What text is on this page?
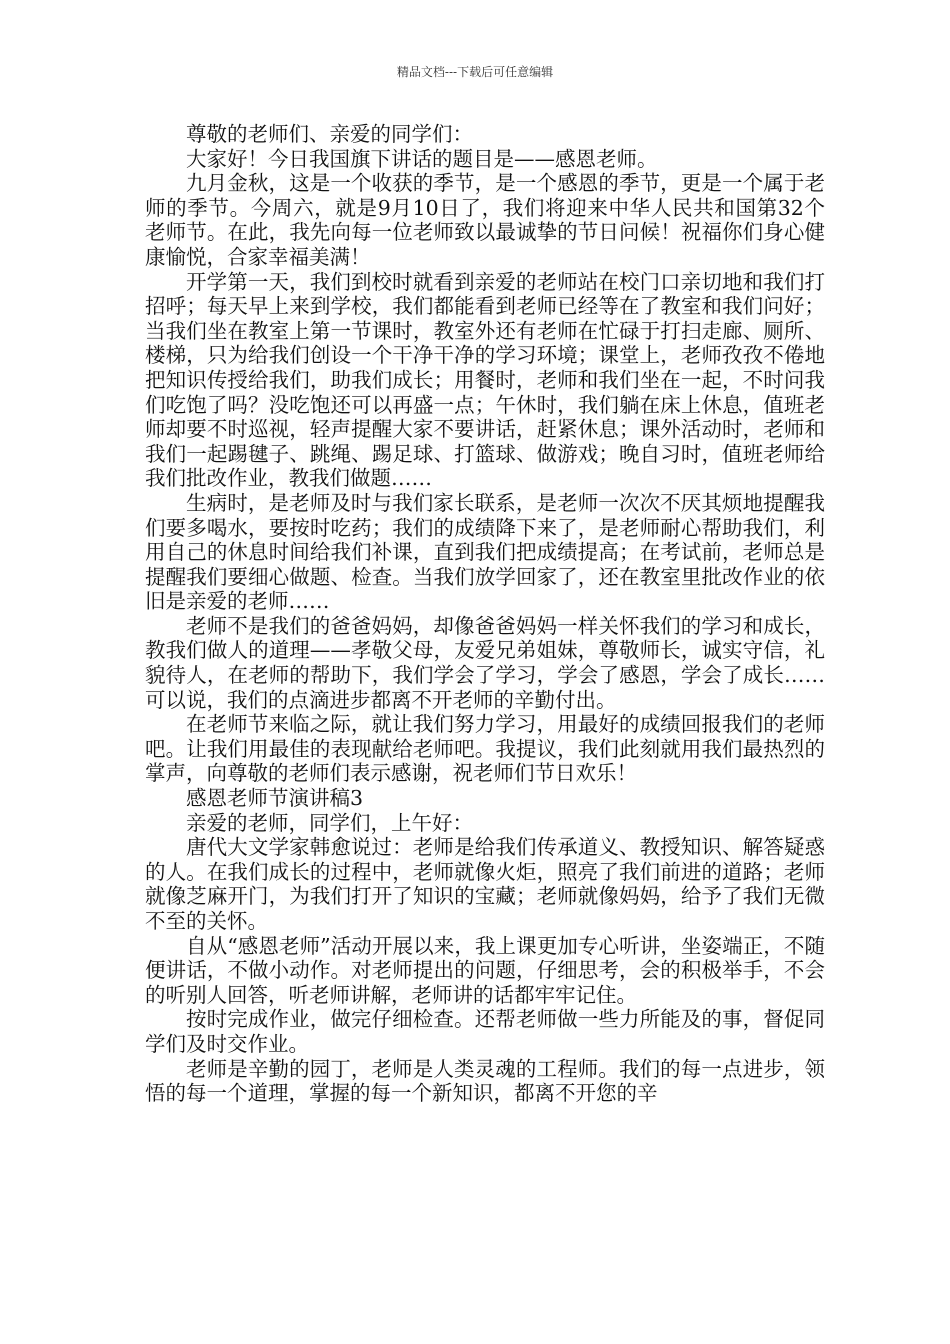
精品文档---下载后可任意编辑

尊敬的老师们、亲爱的同学们：

大家好！今日我国旗下讲话的题目是——感恩老师。

九月金秋，这是一个收获的季节，是一个感恩的季节，更是一个属于老师的季节。今周六，就是9月10日了，我们将迎来中华人民共和国第32个老师节。在此，我先向每一位老师致以最诚挚的节日问候！祝福你们身心健康愉悦，合家幸福美满！

开学第一天，我们到校时就看到亲爱的老师站在校门口亲切地和我们打招呼；每天早上来到学校，我们都能看到老师已经等在了教室和我们问好；当我们坐在教室上第一节课时，教室外还有老师在忙碌于打扫走廊、厕所、楼梯，只为给我们创设一个干净干净的学习环境；课堂上，老师孜孜不倦地把知识传授给我们，助我们成长；用餐时，老师和我们坐在一起，不时问我们吃饱了吗？没吃饱还可以再盛一点；午休时，我们躺在床上休息，值班老师却要不时巡视，轻声提醒大家不要讲话，赶紧休息；课外活动时，老师和我们一起踢毽子、跳绳、踢足球、打篮球、做游戏；晚自习时，值班老师给我们批改作业，教我们做题……

生病时，是老师及时与我们家长联系，是老师一次次不厌其烦地提醒我们要多喝水，要按时吃药；我们的成绩降下来了，是老师耐心帮助我们，利用自己的休息时间给我们补课，直到我们把成绩提高；在考试前，老师总是提醒我们要细心做题、检查。当我们放学回家了，还在教室里批改作业的依旧是亲爱的老师……

老师不是我们的爸爸妈妈，却像爸爸妈妈一样关怀我们的学习和成长，教我们做人的道理——孝敬父母，友爱兄弟姐妹，尊敬师长，诚实守信，礼貌待人，在老师的帮助下，我们学会了学习，学会了感恩，学会了成长……可以说，我们的点滴进步都离不开老师的辛勤付出。

在老师节来临之际，就让我们努力学习，用最好的成绩回报我们的老师吧。让我们用最佳的表现献给老师吧。我提议，我们此刻就用我们最热烈的掌声，向尊敬的老师们表示感谢，祝老师们节日欢乐！

感恩老师节演讲稿3

亲爱的老师，同学们，上午好：

唐代大文学家韩愈说过：老师是给我们传承道义、教授知识、解答疑惑的人。在我们成长的过程中，老师就像火炬，照亮了我们前进的道路；老师就像芝麻开门，为我们打开了知识的宝藏；老师就像妈妈，给予了我们无微不至的关怀。

自从“感恩老师”活动开展以来，我上课更加专心听讲，坐姿端正，不随便讲话，不做小动作。对老师提出的问题，仔细思考，会的积极举手，不会的听别人回答，听老师讲解，老师讲的话都牢牢记住。

按时完成作业，做完仔细检查。还帮老师做一些力所能及的事，督促同学们及时交作业。

老师是辛勤的园丁，老师是人类灵魂的工程师。我们的每一点进步，领悟的每一个道理，掌握的每一个新知识，都离不开您的辛
